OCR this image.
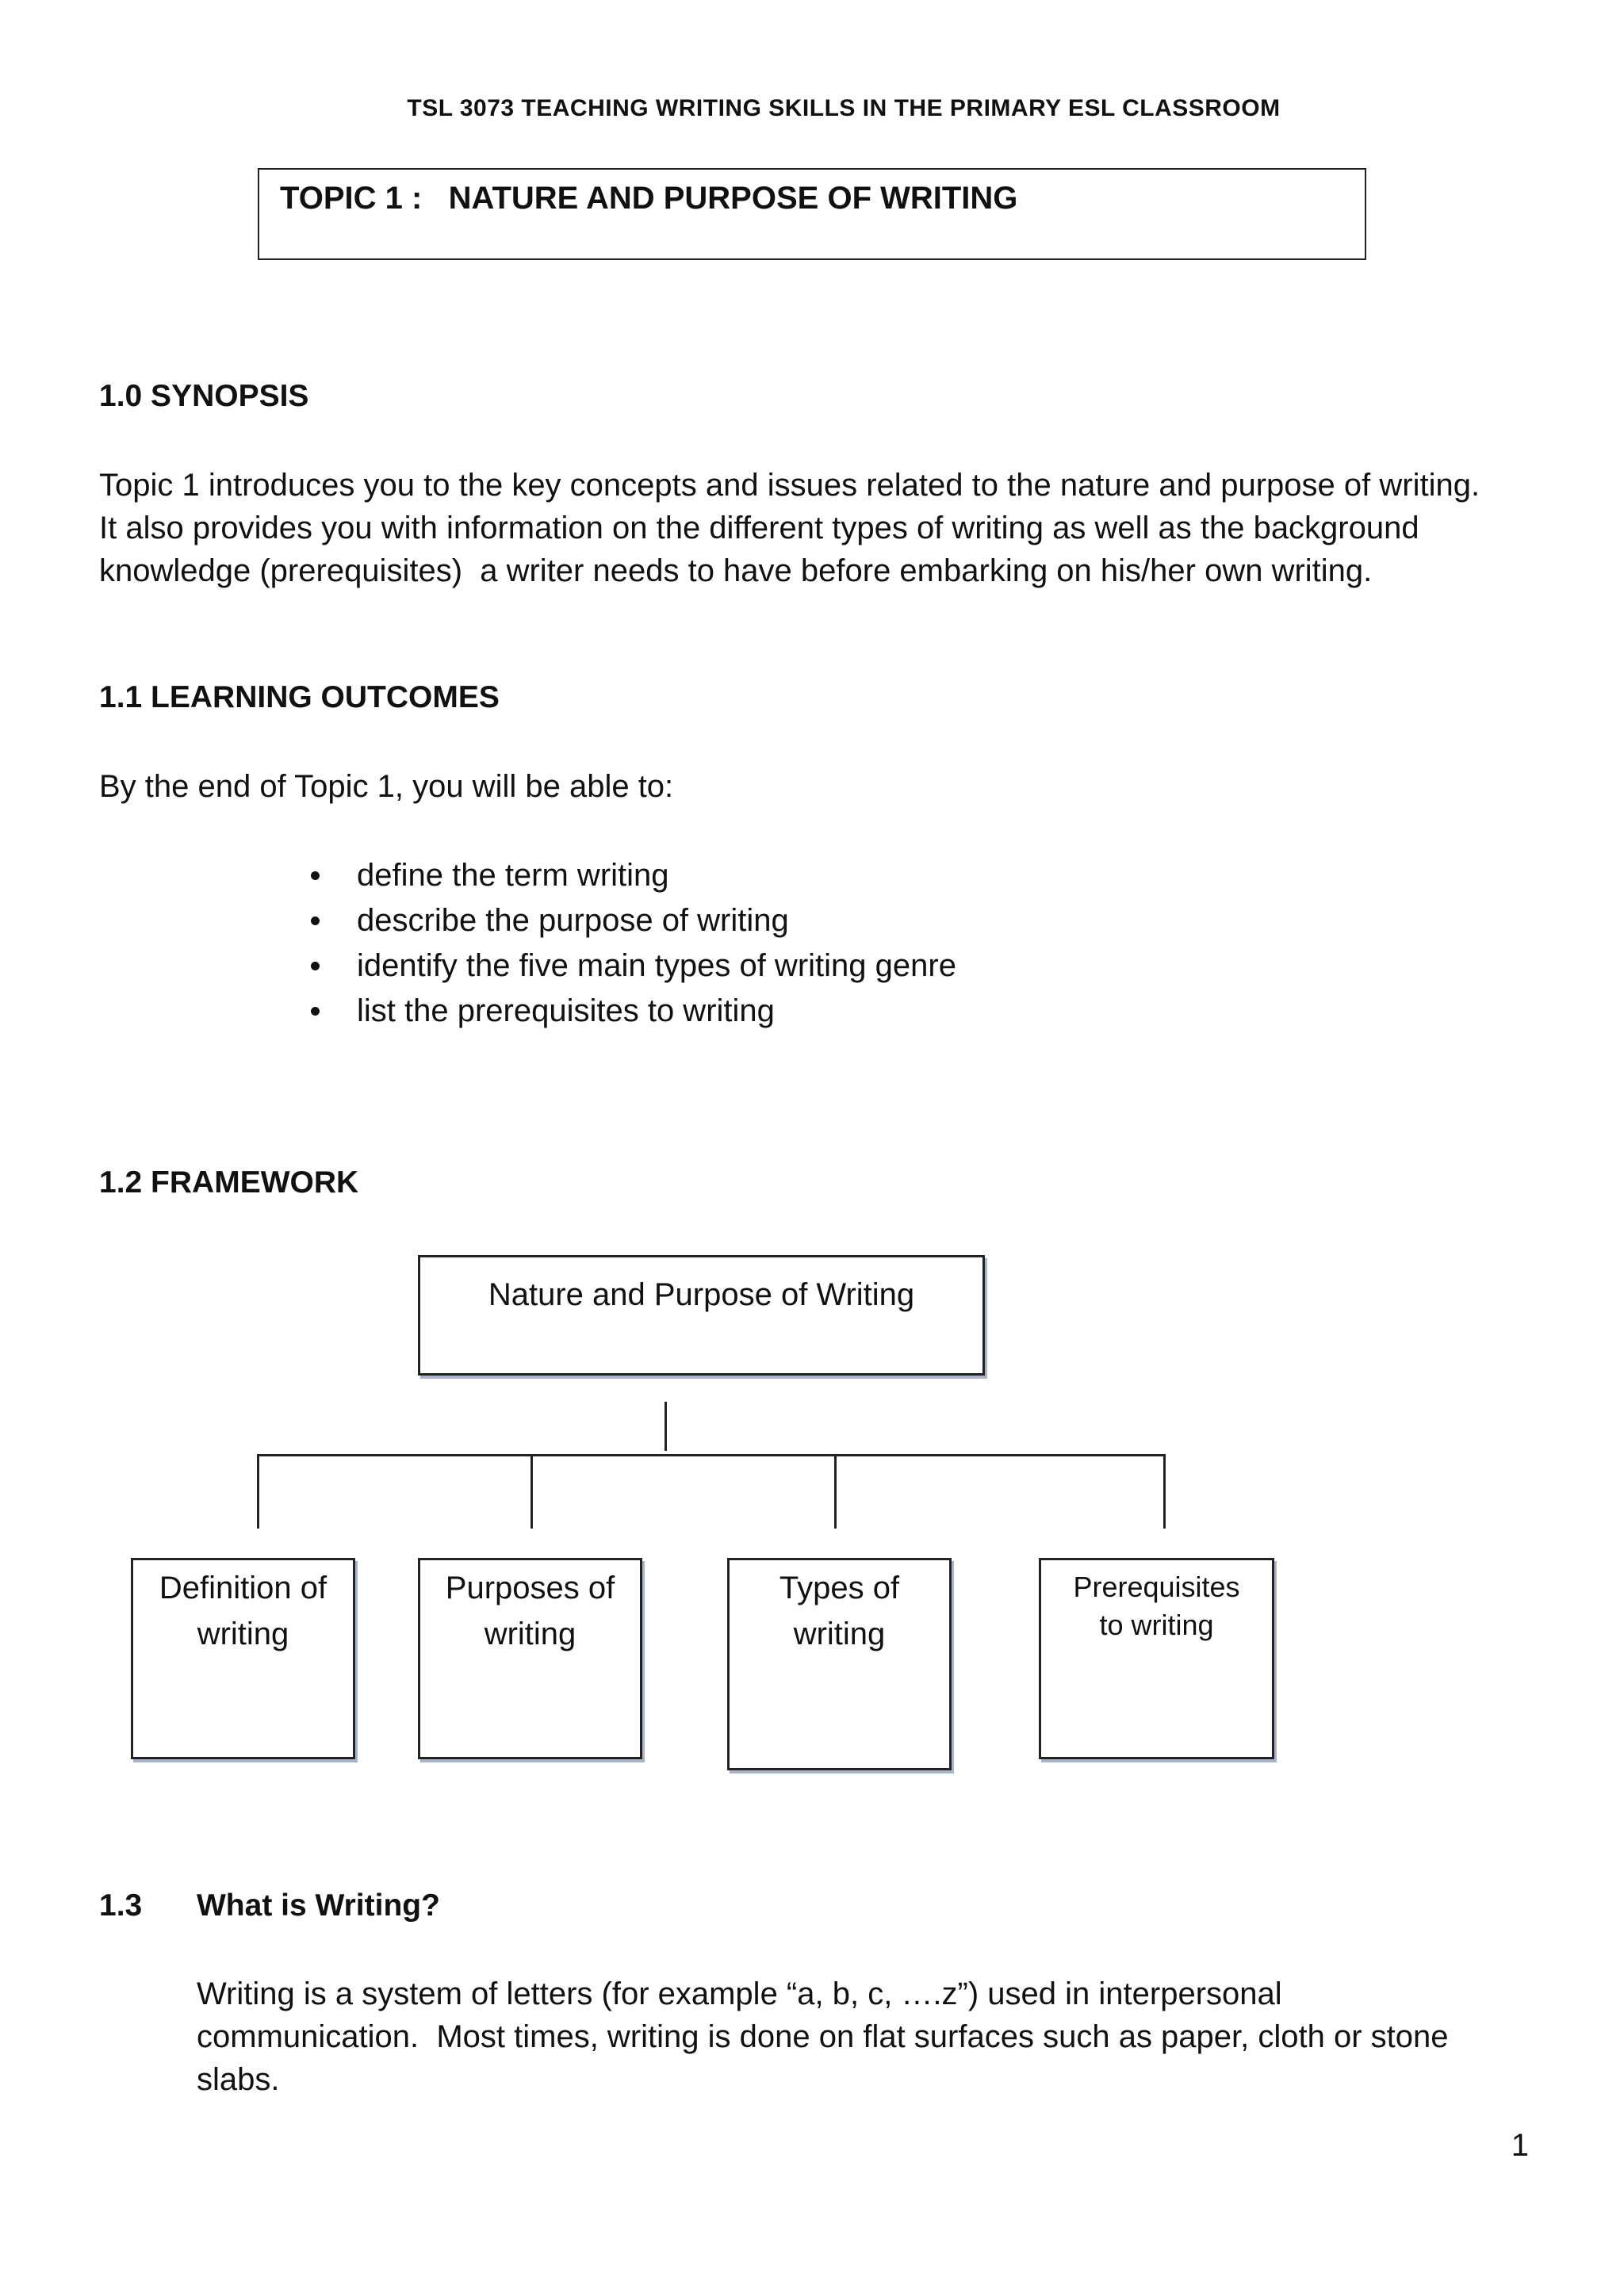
TSL 3073 TEACHING WRITING SKILLS IN THE PRIMARY ESL CLASSROOM
TOPIC 1 :   NATURE AND PURPOSE OF WRITING
1.0 SYNOPSIS
Topic 1 introduces you to the key concepts and issues related to the nature and purpose of writing.
It also provides you with information on the different types of writing as well as the background
knowledge (prerequisites)  a writer needs to have before embarking on his/her own writing.
1.1 LEARNING OUTCOMES
By the end of Topic 1, you will be able to:
define the term writing
describe the purpose of writing
identify the five main types of writing genre
list the prerequisites to writing
1.2 FRAMEWORK
Nature and Purpose of Writing
Definition of
writing
Purposes of
writing
Types of
writing
Prerequisites
to writing
1.3 What is Writing?
Writing is a system of letters (for example “a, b, c, ….z”) used in interpersonal
communication.  Most times, writing is done on flat surfaces such as paper, cloth or stone
slabs.
1
